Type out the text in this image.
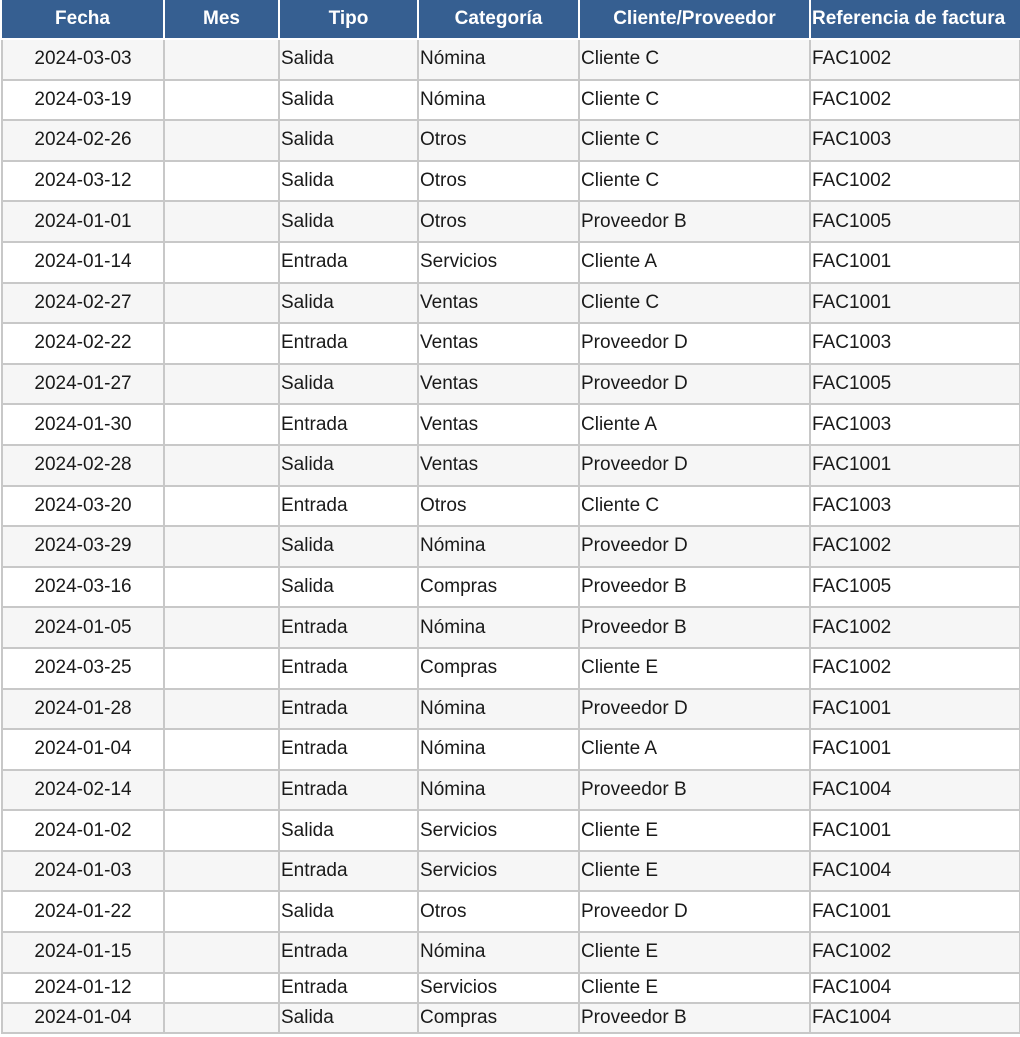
Fecha	Mes	Tipo	Categoría	Cliente/Proveedor	Referencia de factura
2024-03-03		Salida	Nómina	Cliente C	FAC1002
2024-03-19		Salida	Nómina	Cliente C	FAC1002
2024-02-26		Salida	Otros	Cliente C	FAC1003
2024-03-12		Salida	Otros	Cliente C	FAC1002
2024-01-01		Salida	Otros	Proveedor B	FAC1005
2024-01-14		Entrada	Servicios	Cliente A	FAC1001
2024-02-27		Salida	Ventas	Cliente C	FAC1001
2024-02-22		Entrada	Ventas	Proveedor D	FAC1003
2024-01-27		Salida	Ventas	Proveedor D	FAC1005
2024-01-30		Entrada	Ventas	Cliente A	FAC1003
2024-02-28		Salida	Ventas	Proveedor D	FAC1001
2024-03-20		Entrada	Otros	Cliente C	FAC1003
2024-03-29		Salida	Nómina	Proveedor D	FAC1002
2024-03-16		Salida	Compras	Proveedor B	FAC1005
2024-01-05		Entrada	Nómina	Proveedor B	FAC1002
2024-03-25		Entrada	Compras	Cliente E	FAC1002
2024-01-28		Entrada	Nómina	Proveedor D	FAC1001
2024-01-04		Entrada	Nómina	Cliente A	FAC1001
2024-02-14		Entrada	Nómina	Proveedor B	FAC1004
2024-01-02		Salida	Servicios	Cliente E	FAC1001
2024-01-03		Entrada	Servicios	Cliente E	FAC1004
2024-01-22		Salida	Otros	Proveedor D	FAC1001
2024-01-15		Entrada	Nómina	Cliente E	FAC1002
2024-01-12		Entrada	Servicios	Cliente E	FAC1004
2024-01-04		Salida	Compras	Proveedor B	FAC1004
